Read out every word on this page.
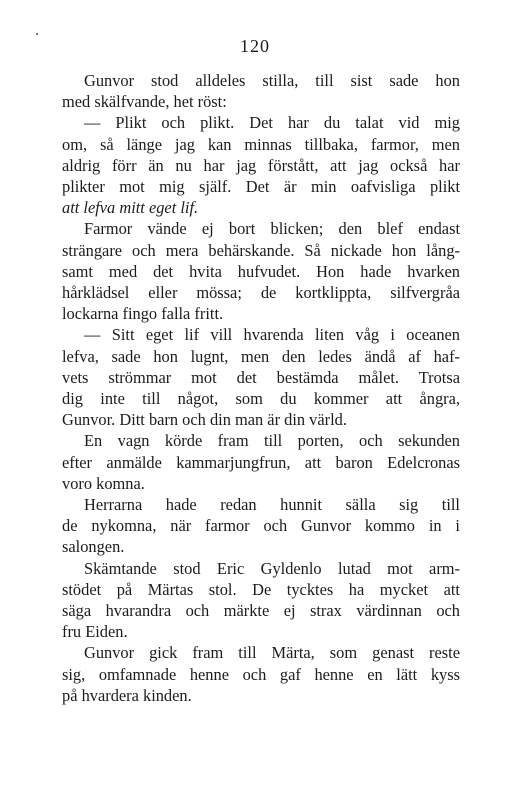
120
Gunvor stod alldeles stilla, till sist sade hon
med skälfvande, het röst:
— Plikt och plikt. Det har du talat vid mig
om, så länge jag kan minnas tillbaka, farmor, men
aldrig förr än nu har jag förstått, att jag också har
plikter mot mig själf. Det är min oafvisliga plikt
att lefva mitt eget lif.
Farmor vände ej bort blicken; den blef endast
strängare och mera behärskande. Så nickade hon lång-
samt med det hvita hufvudet. Hon hade hvarken
hårklädsel eller mössa; de kortklippta, silfvergråa
lockarna fingo falla fritt.
— Sitt eget lif vill hvarenda liten våg i oceanen
lefva, sade hon lugnt, men den ledes ändå af haf-
vets strömmar mot det bestämda målet. Trotsa
dig inte till något, som du kommer att ångra,
Gunvor. Ditt barn och din man är din värld.
En vagn körde fram till porten, och sekunden
efter anmälde kammarjungfrun, att baron Edelcronas
voro komna.
Herrarna hade redan hunnit sälla sig till
de nykomna, när farmor och Gunvor kommo in i
salongen.
Skämtande stod Eric Gyldenlo lutad mot arm-
stödet på Märtas stol. De tycktes ha mycket att
säga hvarandra och märkte ej strax värdinnan och
fru Eiden.
Gunvor gick fram till Märta, som genast reste
sig, omfamnade henne och gaf henne en lätt kyss
på hvardera kinden.
